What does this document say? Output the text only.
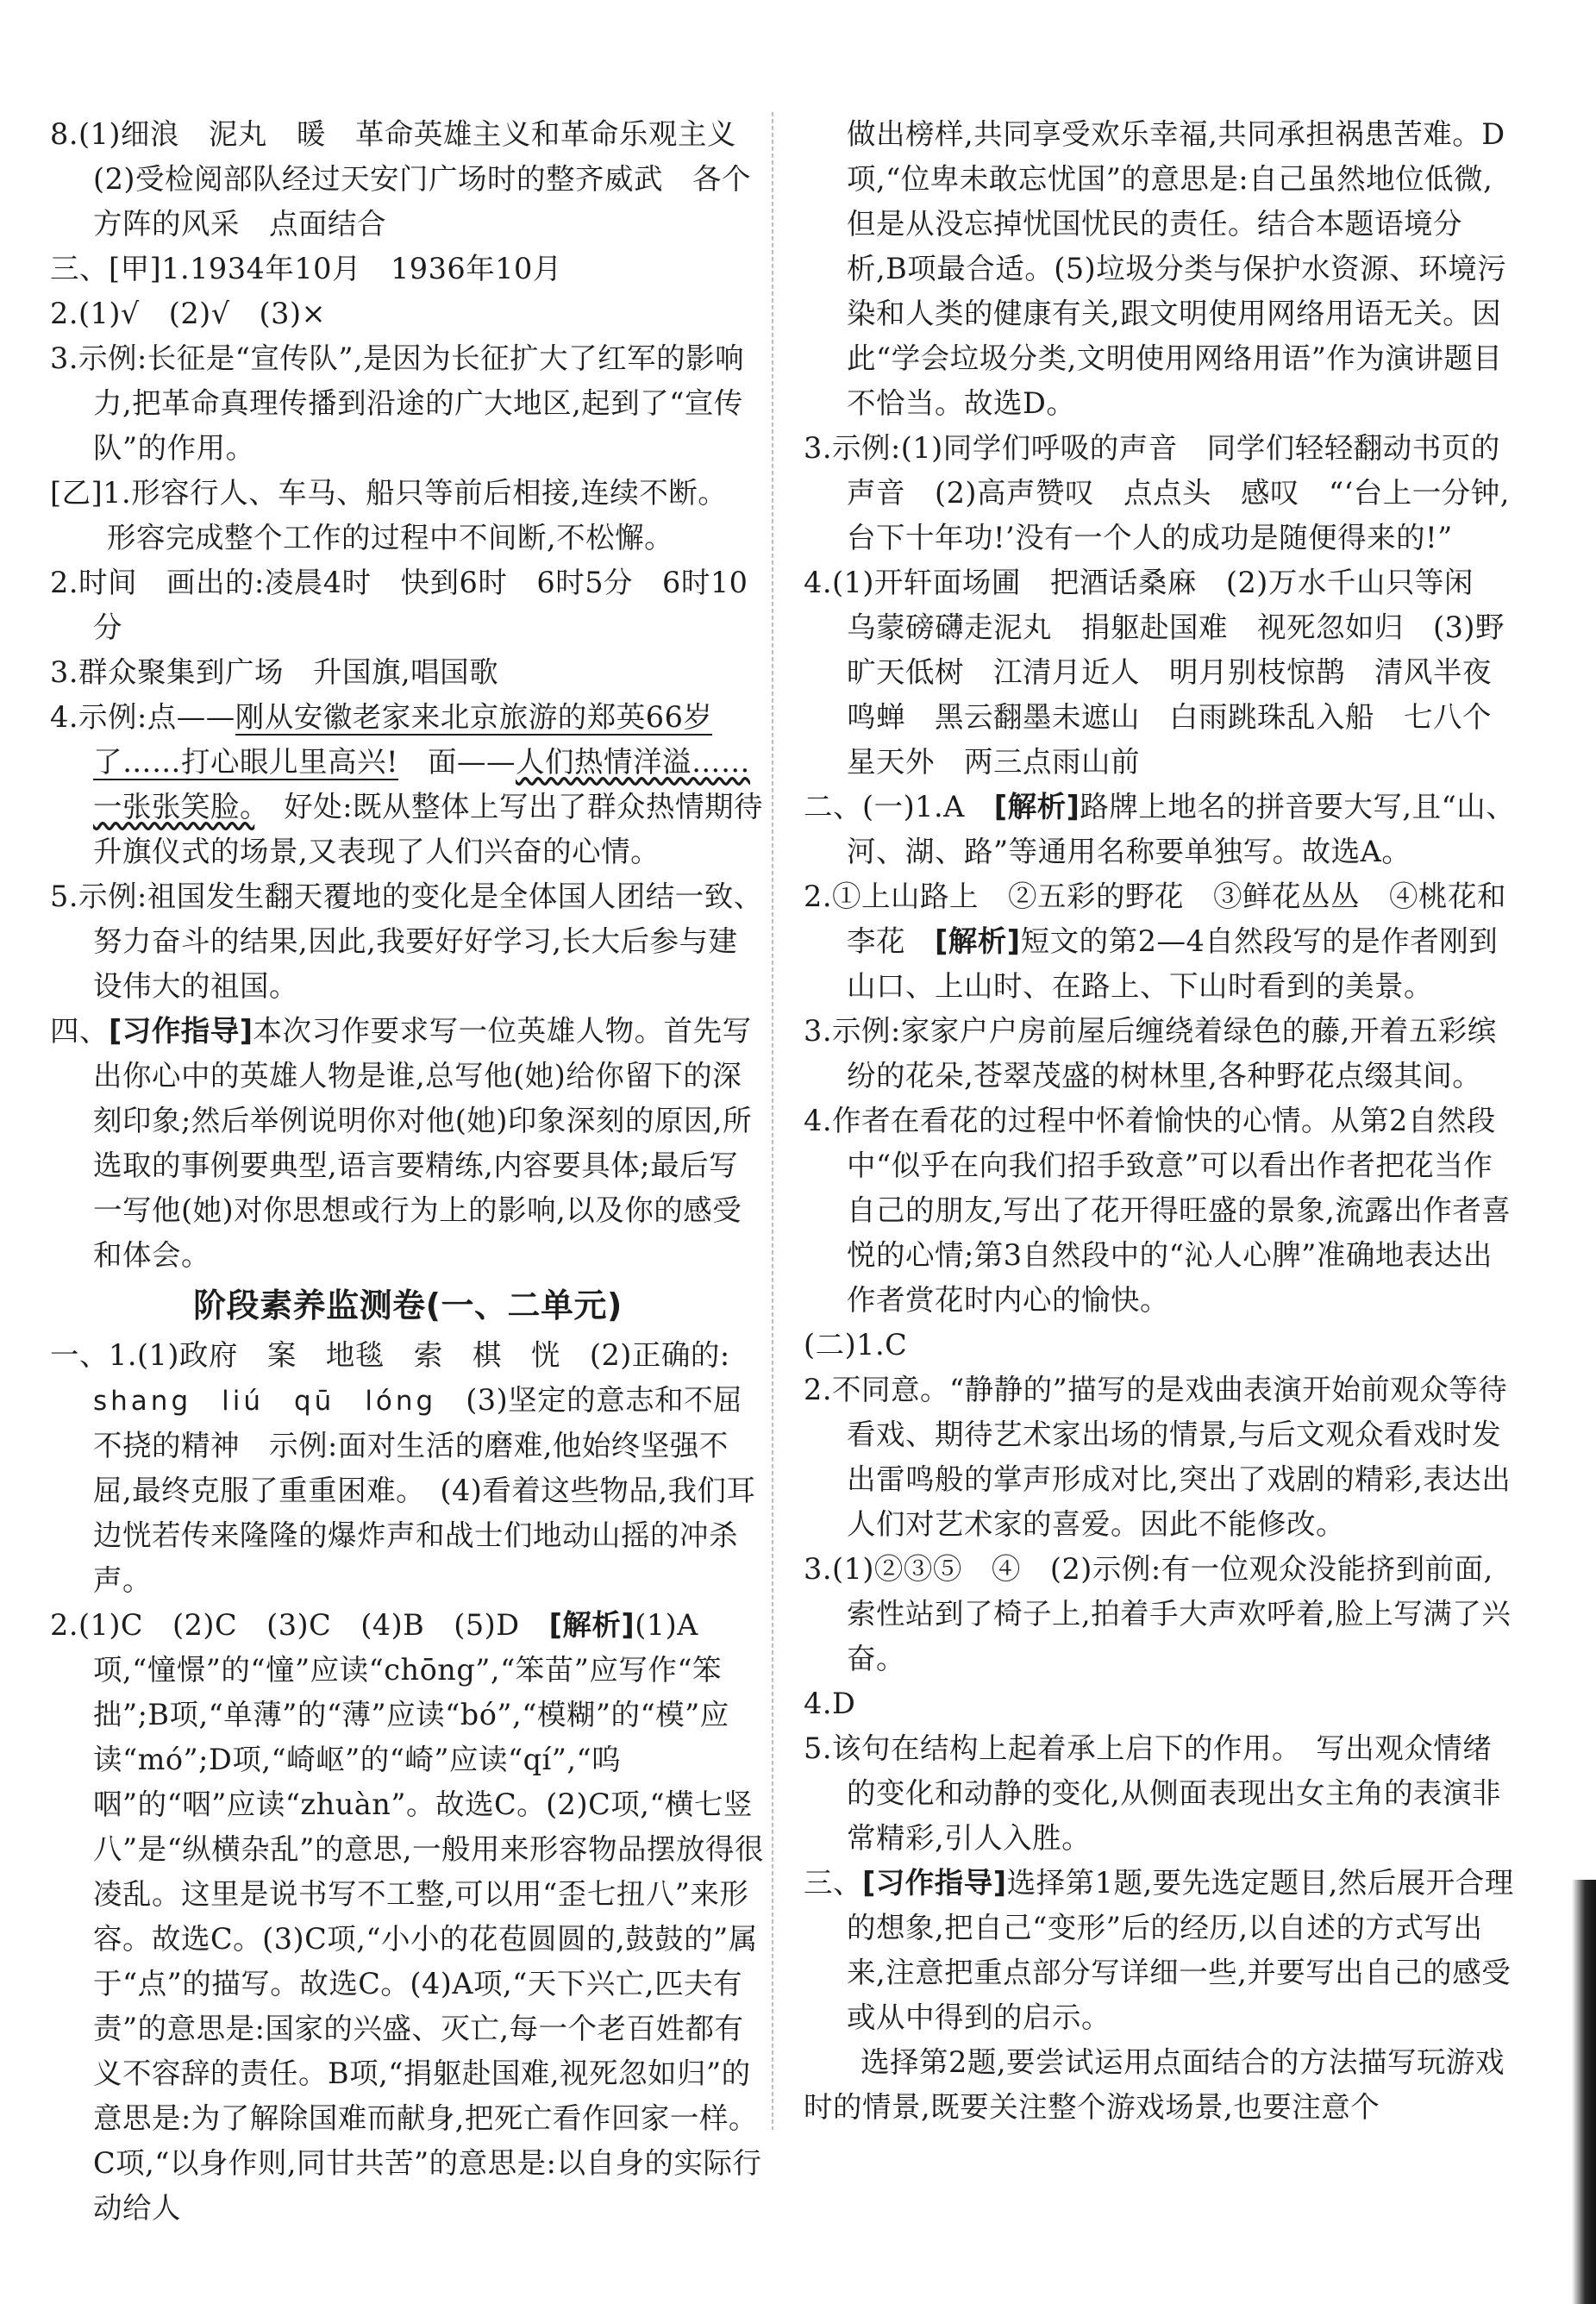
8.(1)细浪　泥丸　暖　革命英雄主义和革命乐观主义

(2)受检阅部队经过天安门广场时的整齐威武　各个方阵的风采　点面结合

三、[甲]1.1934年10月　1936年10月

2.(1)√　(2)√　(3)×

3.示例:长征是“宣传队”,是因为长征扩大了红军的影响力,把革命真理传播到沿途的广大地区,起到了“宣传队”的作用。

[乙]1.形容行人、车马、船只等前后相接,连续不断。

形容完成整个工作的过程中不间断,不松懈。

2.时间　画出的:凌晨4时　快到6时　6时5分　6时10分

3.群众聚集到广场　升国旗,唱国歌

4.示例:点——刚从安徽老家来北京旅游的郑英66岁了……打心眼儿里高兴!　面——人们热情洋溢……一张张笑脸。　好处:既从整体上写出了群众热情期待升旗仪式的场景,又表现了人们兴奋的心情。

5.示例:祖国发生翻天覆地的变化是全体国人团结一致、努力奋斗的结果,因此,我要好好学习,长大后参与建设伟大的祖国。

四、[习作指导]本次习作要求写一位英雄人物。首先写出你心中的英雄人物是谁,总写他(她)给你留下的深刻印象;然后举例说明你对他(她)印象深刻的原因,所选取的事例要典型,语言要精练,内容要具体;最后写一写他(她)对你思想或行为上的影响,以及你的感受和体会。

阶段素养监测卷(一、二单元)

一、1.(1)政府　案　地毯　索　棋　恍　(2)正确的:
shang　liú　qū　lóng　(3)坚定的意志和不屈不挠的精神　示例:面对生活的磨难,他始终坚强不屈,最终克服了重重困难。　(4)看着这些物品,我们耳边恍若传来隆隆的爆炸声和战士们地动山摇的冲杀声。

2.(1)C　(2)C　(3)C　(4)B　(5)D　[解析](1)A项,“憧憬”的“憧”应读“chōng”,“笨苗”应写作“笨拙”;B项,“单薄”的“薄”应读“bó”,“模糊”的“模”应读“mó”;D项,“崎岖”的“崎”应读“qí”,“呜咽”的“咽”应读“zhuàn”。故选C。(2)C项,“横七竖八”是“纵横杂乱”的意思,一般用来形容物品摆放得很凌乱。这里是说书写不工整,可以用“歪七扭八”来形容。故选C。(3)C项,“小小的花苞圆圆的,鼓鼓的”属于“点”的描写。故选C。(4)A项,“天下兴亡,匹夫有责”的意思是:国家的兴盛、灭亡,每一个老百姓都有义不容辞的责任。B项,“捐躯赴国难,视死忽如归”的意思是:为了解除国难而献身,把死亡看作回家一样。C项,“以身作则,同甘共苦”的意思是:以自身的实际行动给人

做出榜样,共同享受欢乐幸福,共同承担祸患苦难。D项,“位卑未敢忘忧国”的意思是:自己虽然地位低微,但是从没忘掉忧国忧民的责任。结合本题语境分析,B项最合适。(5)垃圾分类与保护水资源、环境污染和人类的健康有关,跟文明使用网络用语无关。因此“学会垃圾分类,文明使用网络用语”作为演讲题目不恰当。故选D。

3.示例:(1)同学们呼吸的声音　同学们轻轻翻动书页的声音　(2)高声赞叹　点点头　感叹　“‘台上一分钟,台下十年功!’没有一个人的成功是随便得来的!”

4.(1)开轩面场圃　把酒话桑麻　(2)万水千山只等闲　乌蒙磅礴走泥丸　捐躯赴国难　视死忽如归　(3)野旷天低树　江清月近人　明月别枝惊鹊　清风半夜鸣蝉　黑云翻墨未遮山　白雨跳珠乱入船　七八个星天外　两三点雨山前

二、(一)1.A　[解析]路牌上地名的拼音要大写,且“山、河、湖、路”等通用名称要单独写。故选A。

2.①上山路上　②五彩的野花　③鲜花丛丛　④桃花和李花　[解析]短文的第2—4自然段写的是作者刚到山口、上山时、在路上、下山时看到的美景。

3.示例:家家户户房前屋后缠绕着绿色的藤,开着五彩缤纷的花朵,苍翠茂盛的树林里,各种野花点缀其间。

4.作者在看花的过程中怀着愉快的心情。从第2自然段中“似乎在向我们招手致意”可以看出作者把花当作自己的朋友,写出了花开得旺盛的景象,流露出作者喜悦的心情;第3自然段中的“沁人心脾”准确地表达出作者赏花时内心的愉快。

(二)1.C

2.不同意。“静静的”描写的是戏曲表演开始前观众等待看戏、期待艺术家出场的情景,与后文观众看戏时发出雷鸣般的掌声形成对比,突出了戏剧的精彩,表达出人们对艺术家的喜爱。因此不能修改。

3.(1)②③⑤　④　(2)示例:有一位观众没能挤到前面,索性站到了椅子上,拍着手大声欢呼着,脸上写满了兴奋。

4.D

5.该句在结构上起着承上启下的作用。　写出观众情绪的变化和动静的变化,从侧面表现出女主角的表演非常精彩,引人入胜。

三、[习作指导]选择第1题,要先选定题目,然后展开合理的想象,把自己“变形”后的经历,以自述的方式写出来,注意把重点部分写详细一些,并要写出自己的感受或从中得到的启示。

选择第2题,要尝试运用点面结合的方法描写玩游戏时的情景,既要关注整个游戏场景,也要注意个
